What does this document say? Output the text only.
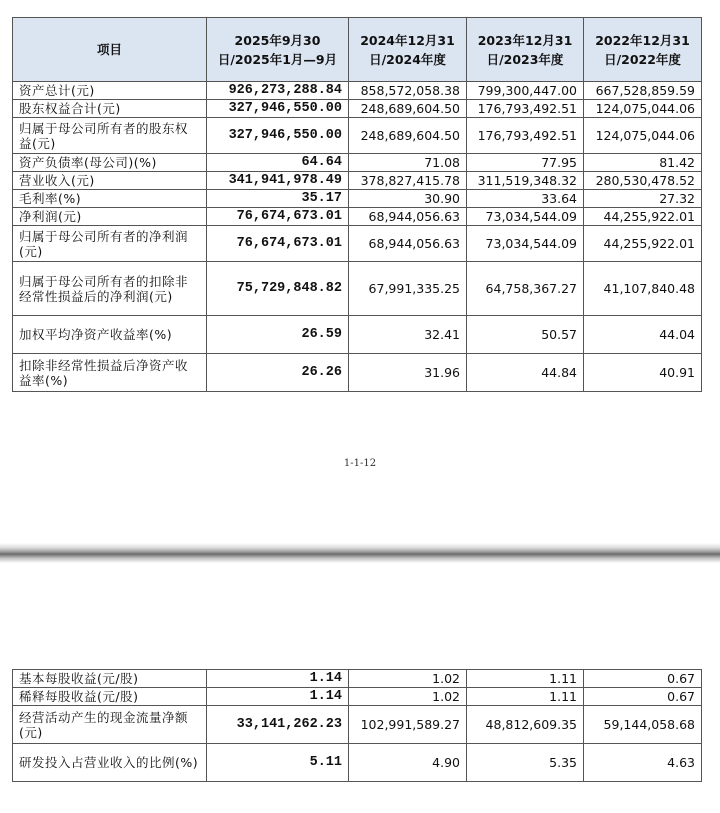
项目	2025年9月30日/2025年1月—9月	2024年12月31日/2024年度	2023年12月31日/2023年度	2022年12月31日/2022年度
资产总计(元)	926,273,288.84	858,572,058.38	799,300,447.00	667,528,859.59
股东权益合计(元)	327,946,550.00	248,689,604.50	176,793,492.51	124,075,044.06
归属于母公司所有者的股东权益(元)	327,946,550.00	248,689,604.50	176,793,492.51	124,075,044.06
资产负债率(母公司)(%)	64.64	71.08	77.95	81.42
营业收入(元)	341,941,978.49	378,827,415.78	311,519,348.32	280,530,478.52
毛利率(%)	35.17	30.90	33.64	27.32
净利润(元)	76,674,673.01	68,944,056.63	73,034,544.09	44,255,922.01
归属于母公司所有者的净利润(元)	76,674,673.01	68,944,056.63	73,034,544.09	44,255,922.01
归属于母公司所有者的扣除非经常性损益后的净利润(元)	75,729,848.82	67,991,335.25	64,758,367.27	41,107,840.48
加权平均净资产收益率(%)	26.59	32.41	50.57	44.04
扣除非经常性损益后净资产收益率(%)	26.26	31.96	44.84	40.91
1-1-12
基本每股收益(元/股)	1.14	1.02	1.11	0.67
稀释每股收益(元/股)	1.14	1.02	1.11	0.67
经营活动产生的现金流量净额(元)	33,141,262.23	102,991,589.27	48,812,609.35	59,144,058.68
研发投入占营业收入的比例(%)	5.11	4.90	5.35	4.63
